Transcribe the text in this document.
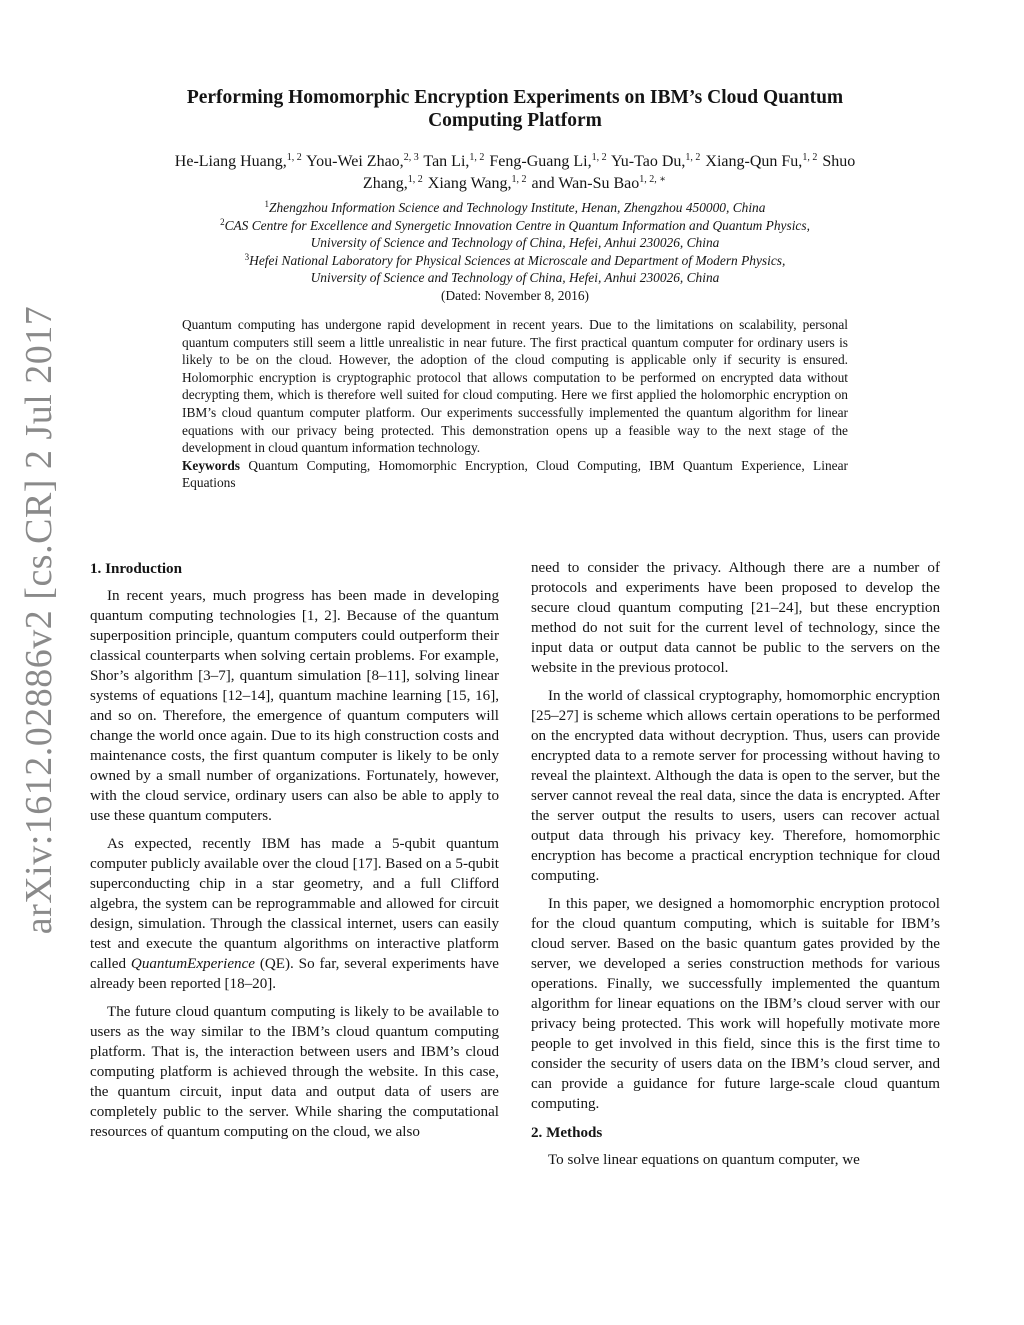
arXiv:1612.02886v2 [cs.CR] 2 Jul 2017
Performing Homomorphic Encryption Experiments on IBM’s Cloud Quantum
Computing Platform
He-Liang Huang,$^{1, 2}$ You-Wei Zhao,$^{2, 3}$ Tan Li,$^{1, 2}$ Feng-Guang Li,$^{1, 2}$ Yu-Tao Du,$^{1, 2}$ Xiang-Qun Fu,$^{1, 2}$ Shuo Zhang,$^{1, 2}$ Xiang Wang,$^{1, 2}$ and Wan-Su Bao$^{1, 2, ∗}$
$^1$Zhengzhou Information Science and Technology Institute, Henan, Zhengzhou 450000, China
$^2$CAS Centre for Excellence and Synergetic Innovation Centre in Quantum Information and Quantum Physics,
University of Science and Technology of China, Hefei, Anhui 230026, China
$^3$Hefei National Laboratory for Physical Sciences at Microscale and Department of Modern Physics,
University of Science and Technology of China, Hefei, Anhui 230026, China
(Dated: November 8, 2016)

Quantum computing has undergone rapid development in recent years. Due to the limitations on scalability, personal quantum computers still seem a little unrealistic in near future. The first practical quantum computer for ordinary users is likely to be on the cloud. However, the adoption of the cloud computing is applicable only if security is ensured. Holomorphic encryption is cryptographic protocol that allows computation to be performed on encrypted data without decrypting them, which is therefore well suited for cloud computing. Here we first applied the holomorphic encryption on IBM’s cloud quantum computer platform. Our experiments successfully implemented the quantum algorithm for linear equations with our privacy being protected. This demonstration opens up a feasible way to the next stage of the development in cloud quantum information technology.

Keywords Quantum Computing, Homomorphic Encryption, Cloud Computing, IBM Quantum Experience, Linear Equations

1. Inroduction

In recent years, much progress has been made in developing quantum computing technologies [1, 2]. Because of the quantum superposition principle, quantum computers could outperform their classical counterparts when solving certain problems. For example, Shor’s algorithm [3–7], quantum simulation [8–11], solving linear systems of equations [12–14], quantum machine learning [15, 16], and so on. Therefore, the emergence of quantum computers will change the world once again. Due to its high construction costs and maintenance costs, the first quantum computer is likely to be only owned by a small number of organizations. Fortunately, however, with the cloud service, ordinary users can also be able to apply to use these quantum computers.

As expected, recently IBM has made a 5-qubit quantum computer publicly available over the cloud [17]. Based on a 5-qubit superconducting chip in a star geometry, and a full Clifford algebra, the system can be reprogrammable and allowed for circuit design, simulation. Through the classical internet, users can easily test and execute the quantum algorithms on interactive platform called QuantumExperience (QE). So far, several experiments have already been reported [18–20].

The future cloud quantum computing is likely to be available to users as the way similar to the IBM’s cloud quantum computing platform. That is, the interaction between users and IBM’s cloud computing platform is achieved through the website. In this case, the quantum circuit, input data and output data of users are completely public to the server. While sharing the computational resources of quantum computing on the cloud, we also

need to consider the privacy. Although there are a number of protocols and experiments have been proposed to develop the secure cloud quantum computing [21–24], but these encryption method do not suit for the current level of technology, since the input data or output data cannot be public to the servers on the website in the previous protocol.

In the world of classical cryptography, homomorphic encryption [25–27] is scheme which allows certain operations to be performed on the encrypted data without decryption. Thus, users can provide encrypted data to a remote server for processing without having to reveal the plaintext. Although the data is open to the server, but the server cannot reveal the real data, since the data is encrypted. After the server output the results to users, users can recover actual output data through his privacy key. Therefore, homomorphic encryption has become a practical encryption technique for cloud computing.

In this paper, we designed a homomorphic encryption protocol for the cloud quantum computing, which is suitable for IBM’s cloud server. Based on the basic quantum gates provided by the server, we developed a series construction methods for various operations. Finally, we successfully implemented the quantum algorithm for linear equations on the IBM’s cloud server with our privacy being protected. This work will hopefully motivate more people to get involved in this field, since this is the first time to consider the security of users data on the IBM’s cloud server, and can provide a guidance for future large-scale cloud quantum computing.

2. Methods

To solve linear equations on quantum computer, we
